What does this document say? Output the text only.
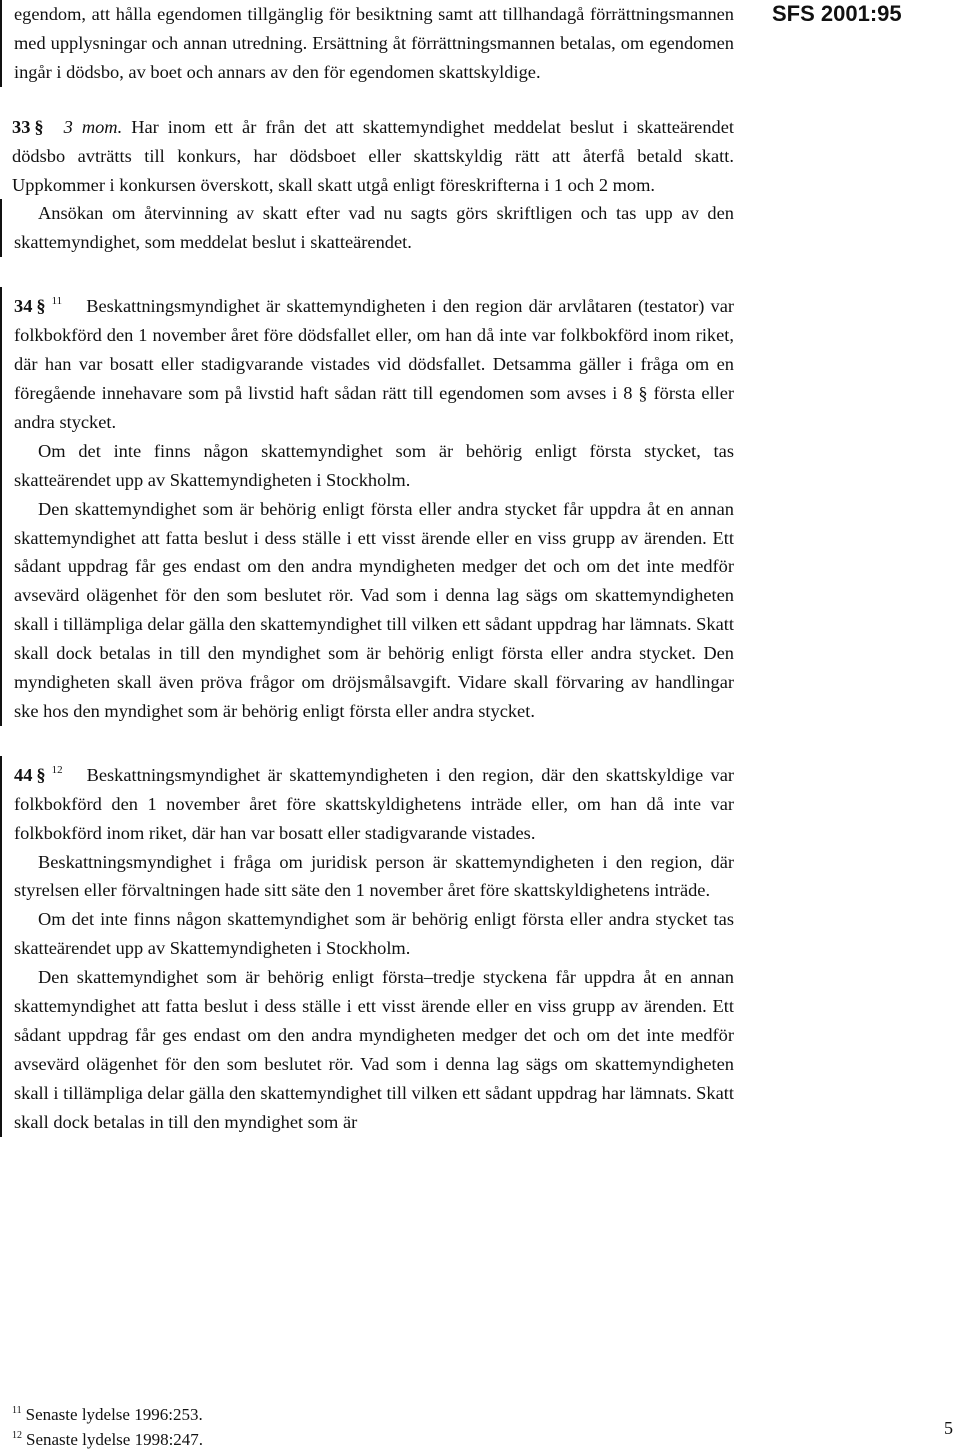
SFS 2001:95

egendom, att hålla egendomen tillgänglig för besiktning samt att tillhandagå förrättningsmannen med upplysningar och annan utredning. Ersättning åt förrättningsmannen betalas, om egendomen ingår i dödsbo, av boet och annars av den för egendomen skattskyldige.

33 § 3 mom. Har inom ett år från det att skattemyndighet meddelat beslut i skatteärendet dödsbo avträtts till konkurs, har dödsboet eller skattskyldig rätt att återfå betald skatt. Uppkommer i konkursen överskott, skall skatt utgå enligt föreskrifterna i 1 och 2 mom.

Ansökan om återvinning av skatt efter vad nu sagts görs skriftligen och tas upp av den skattemyndighet, som meddelat beslut i skatteärendet.

34 § $^{11}$ Beskattningsmyndighet är skattemyndigheten i den region där arvlåtaren (testator) var folkbokförd den 1 november året före dödsfallet eller, om han då inte var folkbokförd inom riket, där han var bosatt eller stadigvarande vistades vid dödsfallet. Detsamma gäller i fråga om en föregående innehavare som på livstid haft sådan rätt till egendomen som avses i 8 § första eller andra stycket.

Om det inte finns någon skattemyndighet som är behörig enligt första stycket, tas skatteärendet upp av Skattemyndigheten i Stockholm.

Den skattemyndighet som är behörig enligt första eller andra stycket får uppdra åt en annan skattemyndighet att fatta beslut i dess ställe i ett visst ärende eller en viss grupp av ärenden. Ett sådant uppdrag får ges endast om den andra myndigheten medger det och om det inte medför avsevärd olägenhet för den som beslutet rör. Vad som i denna lag sägs om skattemyndigheten skall i tillämpliga delar gälla den skattemyndighet till vilken ett sådant uppdrag har lämnats. Skatt skall dock betalas in till den myndighet som är behörig enligt första eller andra stycket. Den myndigheten skall även pröva frågor om dröjsmålsavgift. Vidare skall förvaring av handlingar ske hos den myndighet som är behörig enligt första eller andra stycket.

44 § $^{12}$ Beskattningsmyndighet är skattemyndigheten i den region, där den skattskyldige var folkbokförd den 1 november året före skattskyldighetens inträde eller, om han då inte var folkbokförd inom riket, där han var bosatt eller stadigvarande vistades.

Beskattningsmyndighet i fråga om juridisk person är skattemyndigheten i den region, där styrelsen eller förvaltningen hade sitt säte den 1 november året före skattskyldighetens inträde.

Om det inte finns någon skattemyndighet som är behörig enligt första eller andra stycket tas skatteärendet upp av Skattemyndigheten i Stockholm.

Den skattemyndighet som är behörig enligt första–tredje styckena får uppdra åt en annan skattemyndighet att fatta beslut i dess ställe i ett visst ärende eller en viss grupp av ärenden. Ett sådant uppdrag får ges endast om den andra myndigheten medger det och om det inte medför avsevärd olägenhet för den som beslutet rör. Vad som i denna lag sägs om skattemyndigheten skall i tillämpliga delar gälla den skattemyndighet till vilken ett sådant uppdrag har lämnats. Skatt skall dock betalas in till den myndighet som är

$^{11}$ Senaste lydelse 1996:253.
$^{12}$ Senaste lydelse 1998:247.
5
